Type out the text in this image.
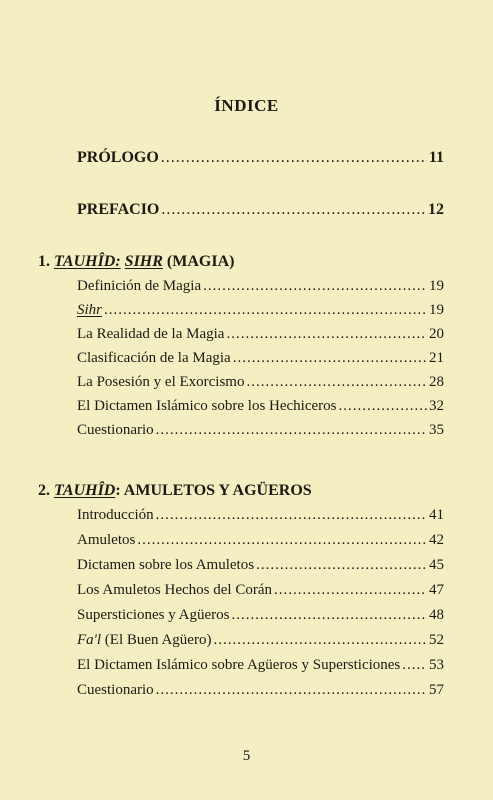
ÍNDICE
PRÓLOGO .....	11
PREFACIO .....	12
1. TAUHÎD: SIHR (MAGIA)
Definición de Magia .....	19
Sihr .....	19
La Realidad de la Magia .....	20
Clasificación de la Magia .....	21
La Posesión y el Exorcismo .....	28
El Dictamen Islámico sobre los Hechiceros .....	32
Cuestionario .....	35
2. TAUHÎD: AMULETOS Y AGÜEROS
Introducción .....	41
Amuletos .....	42
Dictamen sobre los Amuletos .....	45
Los Amuletos Hechos del Corán .....	47
Supersticiones y Agüeros .....	48
Fa'l (El Buen Agüero) .....	52
El Dictamen Islámico sobre Agüeros y Supersticiones ..... 53
Cuestionario .....	57
5
